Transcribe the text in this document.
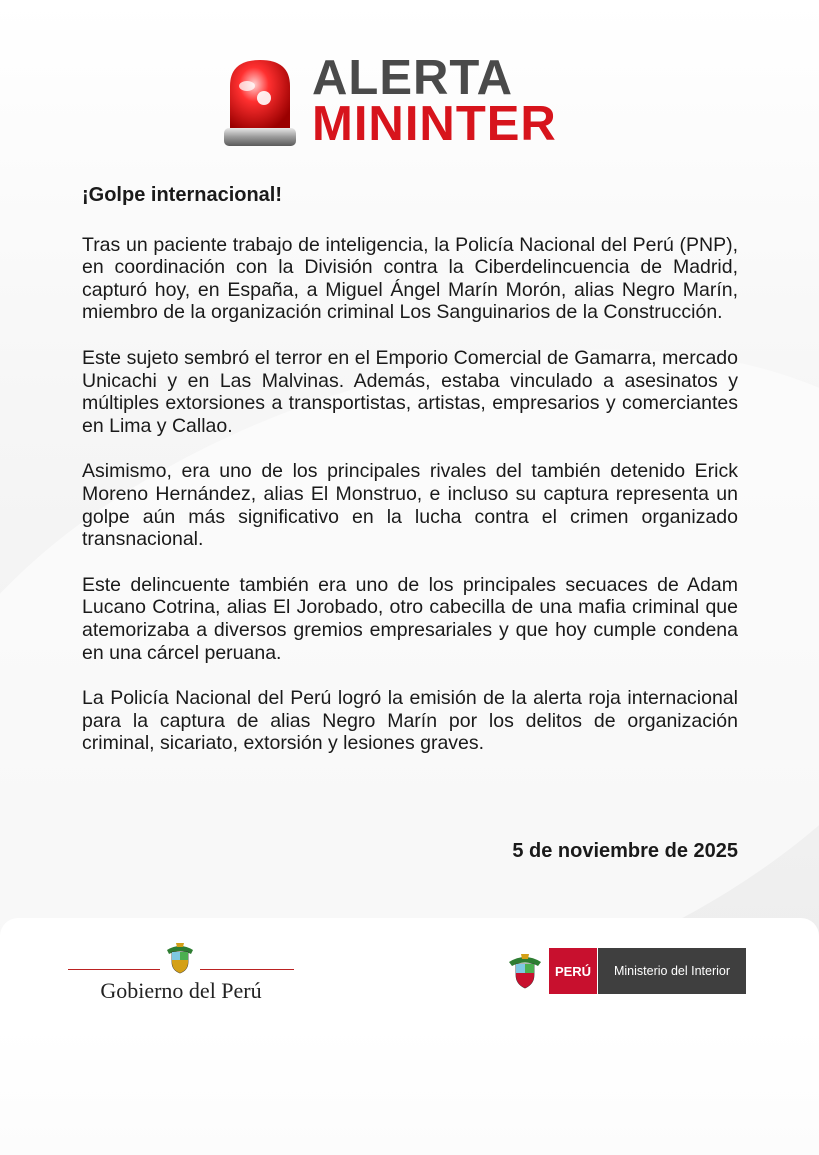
ALERTA
MININTER

¡Golpe internacional!

Tras un paciente trabajo de inteligencia, la Policía Nacional del Perú (PNP), en coordinación con la División contra la Ciberdelincuencia de Madrid, capturó hoy, en España, a Miguel Ángel Marín Morón, alias Negro Marín, miembro de la organización criminal Los Sanguinarios de la Construcción.

Este sujeto sembró el terror en el Emporio Comercial de Gamarra, mercado Unicachi y en Las Malvinas. Además, estaba vinculado a asesinatos y múltiples extorsiones a transportistas, artistas, empresarios y comerciantes en Lima y Callao.

Asimismo, era uno de los principales rivales del también detenido Erick Moreno Hernández, alias El Monstruo, e incluso su captura representa un golpe aún más significativo en la lucha contra el crimen organizado transnacional.

Este delincuente también era uno de los principales secuaces de Adam Lucano Cotrina, alias El Jorobado, otro cabecilla de una mafia criminal que atemorizaba a diversos gremios empresariales y que hoy cumple condena en una cárcel peruana.

La Policía Nacional del Perú logró la emisión de la alerta roja internacional para la captura de alias Negro Marín por los delitos de organización criminal, sicariato, extorsión y lesiones graves.

5 de noviembre de 2025
Gobierno del Perú
PERÚ	Ministerio del Interior
